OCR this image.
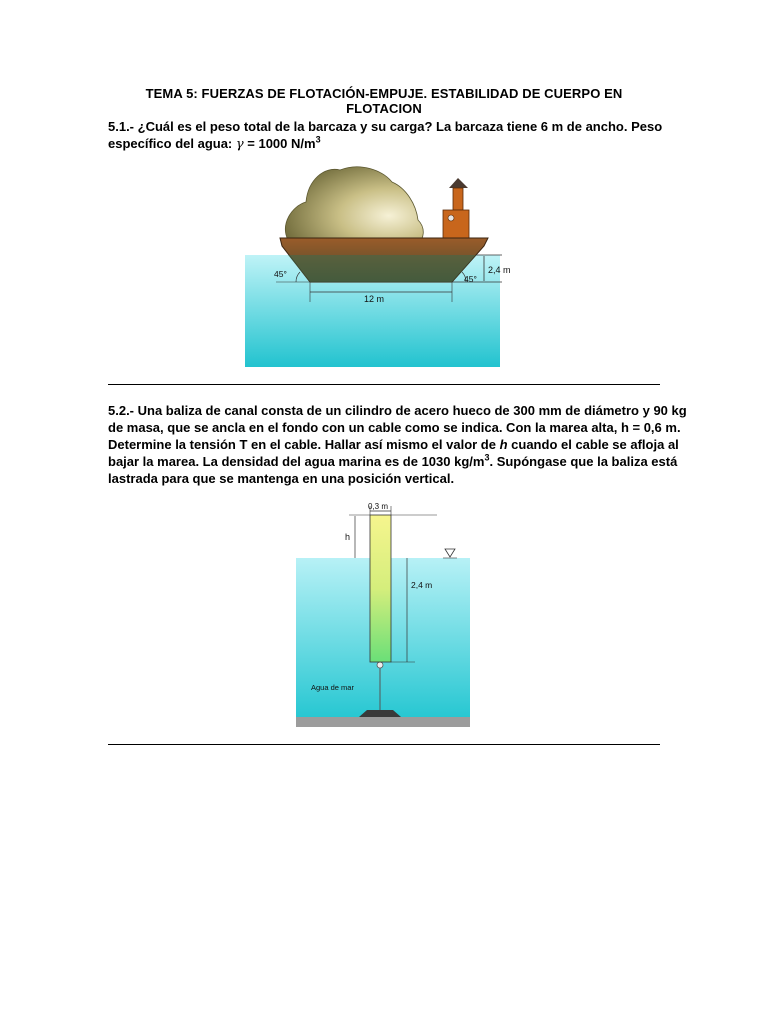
TEMA 5: FUERZAS DE FLOTACIÓN-EMPUJE. ESTABILIDAD DE CUERPO EN FLOTACION
5.1.- ¿Cuál es el peso total de la barcaza y su carga? La barcaza tiene 6 m de ancho. Peso
específico del agua: γ = 1000 $N/m^3$
45°	45°
2,4 m
12 m
5.2.- Una baliza de canal consta de un cilindro de acero hueco de 300 mm de diámetro y 90 kg
de masa, que se ancla en el fondo con un cable como se indica. Con la marea alta, h = 0,6 m.
Determine la tensión T en el cable. Hallar así mismo el valor de h cuando el cable se afloja al
bajar la marea. La densidad del agua marina es de 1030 $kg/m^3$. Supóngase que la baliza está
lastrada para que se mantenga en una posición vertical.
0,3 m
h
2,4 m
Agua de mar
